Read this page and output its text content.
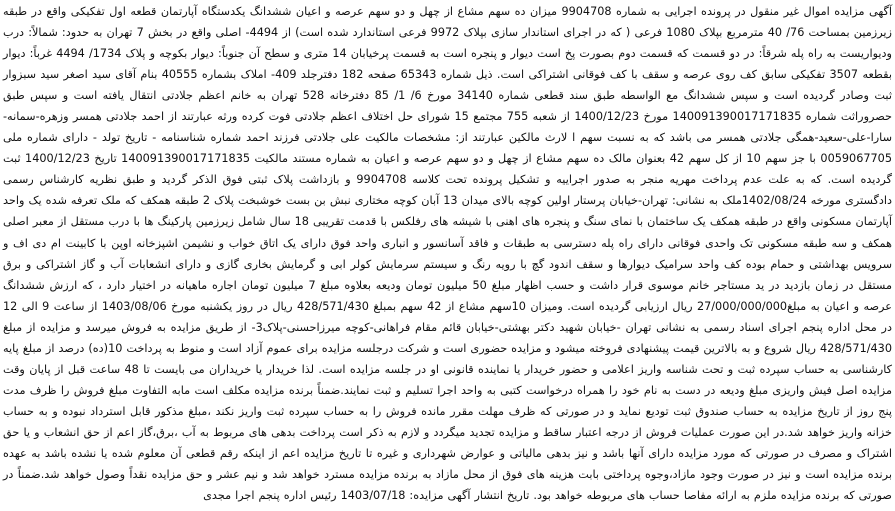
آگهی مزایده اموال غیر منقول در پرونده اجرایی به شماره 9904708 میزان ده سهم مشاع از چهل و دو سهم عرصه و اعیان ششدانگ یکدستگاه آپارتمان قطعه اول تفکیکی واقع در طبقه زیرزمین بمساحت 76/ 40 مترمربع بپلاک 1080 فرعی ( که در اجرای استاندار سازی بپلاک 9972 فرعی استاندارد شده است) از 4494- اصلی واقع در بخش 7 تهران به حدود: شمالاً: درب ودیواریست به راه پله شرقاً: در دو قسمت که قسمت دوم بصورت پخ است دیوار و پنجره است به قسمت پرخیابان 14 متری و سطح آن جنوباً: دیوار بکوچه و پلاک 1734/ 4494 غرباً: دیوار بقطعه 3507 تفکیکی سابق کف روی عرصه و سقف با کف فوقانی اشتراکی است. ذیل شماره 65343 صفحه 182 دفترجلد 409- املاک بشماره 40555 بنام آقای سید اصغر سید سبزوار ثبت وصادر گردیده است و سپس ششدانگ مع الواسطه طبق سند قطعی شماره 34140 مورخ 6/ 1/ 85 دفترخانه 528 تهران به خانم اعظم جلادتی انتقال یافته است و سپس طبق حصروراثت شماره 140091390017171835 مورخ 1400/12/23 از شعبه 755 مجتمع 15 شورای حل اختلاف اعظم جلادتی فوت کرده ورثه عبارتند از احمد جلادتی همسر وزهره-سمانه-سارا-علی-سعید-همگی جلادتی همسر می باشد که به نسبت سهم ا لارث مالکین عبارتند از: مشخصات مالکیت علی جلادتی فرزند احمد شماره شناسنامه - تاریخ تولد - دارای شماره ملی 0059067705 با جز سهم 10 از کل سهم 42 بعنوان مالک ده سهم مشاع از چهل و دو سهم عرصه و اعیان به شماره مستند مالکیت 140091390017171835 تاریخ 1400/12/23 ثبت گردیده است. که به علت عدم پرداخت مهریه منجر به صدور اجراییه و تشکیل پرونده تحت کلاسه 9904708 و بازداشت پلاک ثبتی فوق الذکر گردید و طبق نظریه کارشناس رسمی دادگستری مورخه 1402/08/24ملک به نشانی: تهران-خیابان پرستار اولین کوچه بالای میدان 13 آبان کوچه مختاری نبش بن بست خوشبخت پلاک 2 طبقه همکف که ملک تعرفه شده یک واحد آپارتمان مسکونی واقع در طبقه همکف یک ساختمان با نمای سنگ و پنجره های اهنی با شیشه های رفلکس با قدمت تقریبی 18 سال شامل زیرزمین پارکینگ ها با درب مستقل از معبر اصلی همکف و سه طبقه مسکونی تک واحدی فوقانی دارای راه پله دسترسی به طبقات و فاقد آسانسور و انباری واحد فوق دارای یک اتاق خواب و نشیمن اشپزخانه اوپن با کابینت ام دی اف و سرویس بهداشتی و حمام بوده کف واحد سرامیک دیوارها و سقف اندود گچ با رویه رنگ و سیستم سرمایش کولر ابی و گرمایش بخاری گازی و دارای انشعابات آب و گاز اشتراکی و برق مستقل در زمان بازدید در ید مستاجر خانم موسوی قرار داشت و حسب اظهار مبلغ 50 میلیون تومان ودیعه بعلاوه مبلغ 7 میلیون تومان اجاره ماهیانه در اختیار دارد ، که ارزش ششدانگ عرصه و اعیان به مبلغ27/000/000/000 ریال ارزیابی گردیده است. ومیزان 10سهم مشاع از 42 سهم بمبلغ 428/571/430 ریال در روز یکشنبه مورخ 1403/08/06 از ساعت 9 الی 12 در محل اداره پنجم اجرای اسناد رسمی به نشانی تهران -خیابان شهید دکتر بهشتی-خیابان قائم مقام فراهانی-کوچه میرزاحسنی-پلاک3- از طریق مزایده به فروش میرسد و مزایده از مبلغ 428/571/430 ریال شروع و به بالاترین قیمت پیشنهادی فروخته میشود و مزایده حضوری است و شرکت درجلسه مزایده برای عموم آزاد است و منوط به پرداخت 10(ده) درصد از مبلغ پایه کارشناسی به حساب سپرده ثبت و تحت شناسه واریز اعلامی و حضور خریدار یا نماینده قانونی او در جلسه مزایده است. لذا خریدار یا خریداران می بایست تا 48 ساعت قبل از پایان وقت مزایده اصل فیش واریزی مبلغ ودیعه در دست به نام خود را همراه درخواست کتبی به واحد اجرا تسلیم و ثبت نمایند.ضمناً برنده مزایده مکلف است مابه التفاوت مبلغ فروش را ظرف مدت پنج روز از تاریخ مزایده به حساب صندوق ثبت تودیع نماید و در صورتی که ظرف مهلت مقرر مانده فروش را به حساب سپرده ثبت واریز نکند ،مبلغ مذکور قابل استرداد نبوده و به حساب خزانه واریز خواهد شد.در این صورت عملیات فروش از درجه اعتبار ساقط و مزایده تجدید میگردد و لازم به ذکر است پرداخت بدهی های مربوط به آب ،برق،گاز اعم از حق انشعاب و یا حق اشتراک و مصرف در صورتی که مورد مزایده دارای آنها باشد و نیز بدهی مالیاتی و عوارض شهرداری و غیره تا تاریخ مزایده اعم از اینکه رقم قطعی آن معلوم شده یا نشده باشد به عهده برنده مزایده است و نیز در صورت وجود مازاد،وجوه پرداختی بابت هزینه های فوق از محل مازاد به برنده مزایده مسترد خواهد شد و نیم عشر و حق مزایده نقداً وصول خواهد شد.ضمناً در صورتی که برنده مزایده ملزم به ارائه مفاصا حساب های مربوطه خواهد بود. تاریخ انتشار آگهی مزایده: 1403/07/18 رئیس اداره پنجم اجرا مجدی
